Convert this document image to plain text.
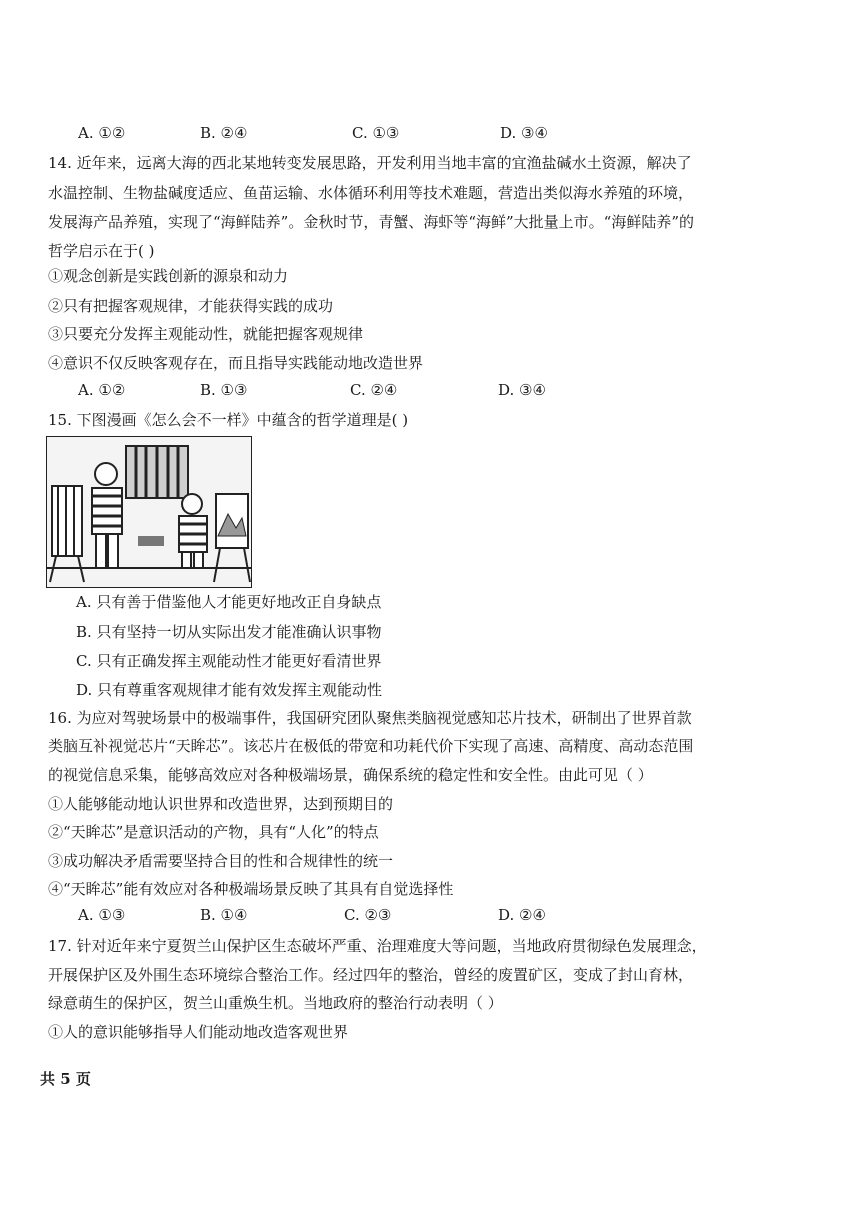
A. ①②	B. ②④	C. ①③	D. ③④
14. 近年来，远离大海的西北某地转变发展思路，开发利用当地丰富的宜渔盐碱水土资源，解决了
水温控制、生物盐碱度适应、鱼苗运输、水体循环利用等技术难题，营造出类似海水养殖的环境，
发展海产品养殖，实现了“海鲜陆养”。金秋时节，青蟹、海虾等“海鲜”大批量上市。“海鲜陆养”的
哲学启示在于( )
①观念创新是实践创新的源泉和动力
②只有把握客观规律，才能获得实践的成功
③只要充分发挥主观能动性，就能把握客观规律
④意识不仅反映客观存在，而且指导实践能动地改造世界
A. ①②	B. ①③	C. ②④	D. ③④
15. 下图漫画《怎么会不一样》中蕴含的哲学道理是( )
A. 只有善于借鉴他人才能更好地改正自身缺点
B. 只有坚持一切从实际出发才能准确认识事物
C. 只有正确发挥主观能动性才能更好看清世界
D. 只有尊重客观规律才能有效发挥主观能动性
16. 为应对驾驶场景中的极端事件，我国研究团队聚焦类脑视觉感知芯片技术，研制出了世界首款
类脑互补视觉芯片“天眸芯”。该芯片在极低的带宽和功耗代价下实现了高速、高精度、高动态范围
的视觉信息采集，能够高效应对各种极端场景，确保系统的稳定性和安全性。由此可见（ ）
①人能够能动地认识世界和改造世界，达到预期目的
②“天眸芯”是意识活动的产物，具有“人化”的特点
③成功解决矛盾需要坚持合目的性和合规律性的统一
④“天眸芯”能有效应对各种极端场景反映了其具有自觉选择性
A. ①③	B. ①④	C. ②③	D. ②④
17. 针对近年来宁夏贺兰山保护区生态破坏严重、治理难度大等问题，当地政府贯彻绿色发展理念，
开展保护区及外围生态环境综合整治工作。经过四年的整治，曾经的废置矿区，变成了封山育林，
绿意萌生的保护区，贺兰山重焕生机。当地政府的整治行动表明（ ）
①人的意识能够指导人们能动地改造客观世界
共 5 页
